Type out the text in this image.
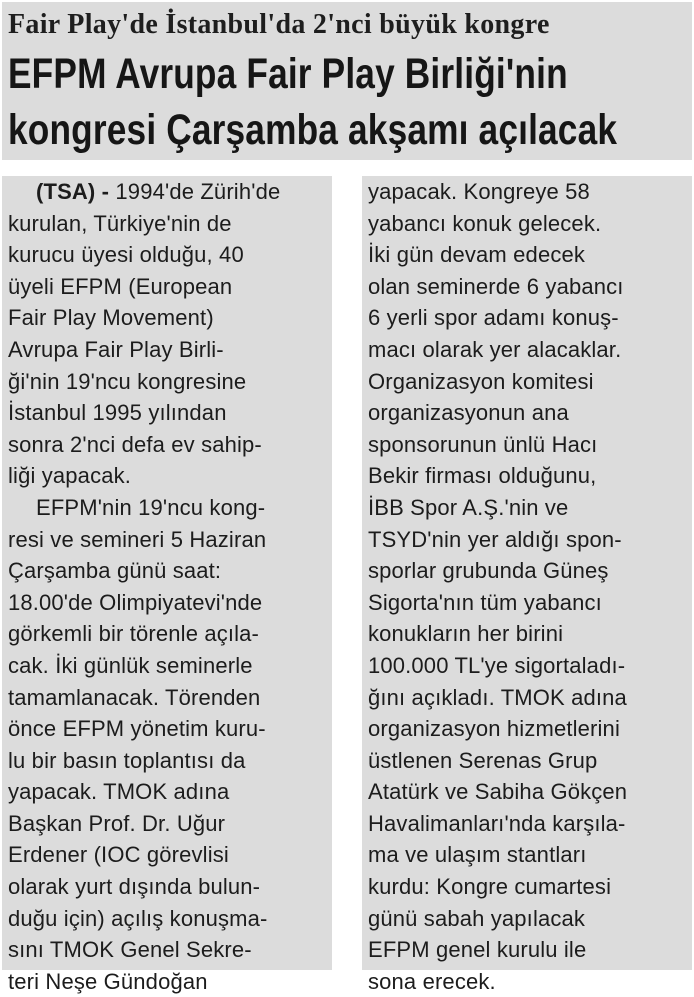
Fair Play'de İstanbul'da 2'nci büyük kongre
EFPM Avrupa Fair Play Birliği'nin
kongresi Çarşamba akşamı açılacak

(TSA) - 1994'de Zürih'de
kurulan, Türkiye'nin de
kurucu üyesi olduğu, 40
üyeli EFPM (European
Fair Play Movement)
Avrupa Fair Play Birli-
ği'nin 19'ncu kongresine
İstanbul 1995 yılından
sonra 2'nci defa ev sahip-
liği yapacak.
EFPM'nin 19'ncu kong-
resi ve semineri 5 Haziran
Çarşamba günü saat:
18.00'de Olimpiyatevi'nde
görkemli bir törenle açıla-
cak. İki günlük seminerle
tamamlanacak. Törenden
önce EFPM yönetim kuru-
lu bir basın toplantısı da
yapacak. TMOK adına
Başkan Prof. Dr. Uğur
Erdener (IOC görevlisi
olarak yurt dışında bulun-
duğu için) açılış konuşma-
sını TMOK Genel Sekre-
teri Neşe Gündoğan

yapacak. Kongreye 58
yabancı konuk gelecek.
İki gün devam edecek
olan seminerde 6 yabancı
6 yerli spor adamı konuş-
macı olarak yer alacaklar.
Organizasyon komitesi
organizasyonun ana
sponsorunun ünlü Hacı
Bekir firması olduğunu,
İBB Spor A.Ş.'nin ve
TSYD'nin yer aldığı spon-
sporlar grubunda Güneş
Sigorta'nın tüm yabancı
konukların her birini
100.000 TL'ye sigortaladı-
ğını açıkladı. TMOK adına
organizasyon hizmetlerini
üstlenen Serenas Grup
Atatürk ve Sabiha Gökçen
Havalimanları'nda karşıla-
ma ve ulaşım stantları
kurdu: Kongre cumartesi
günü sabah yapılacak
EFPM genel kurulu ile
sona erecek.
